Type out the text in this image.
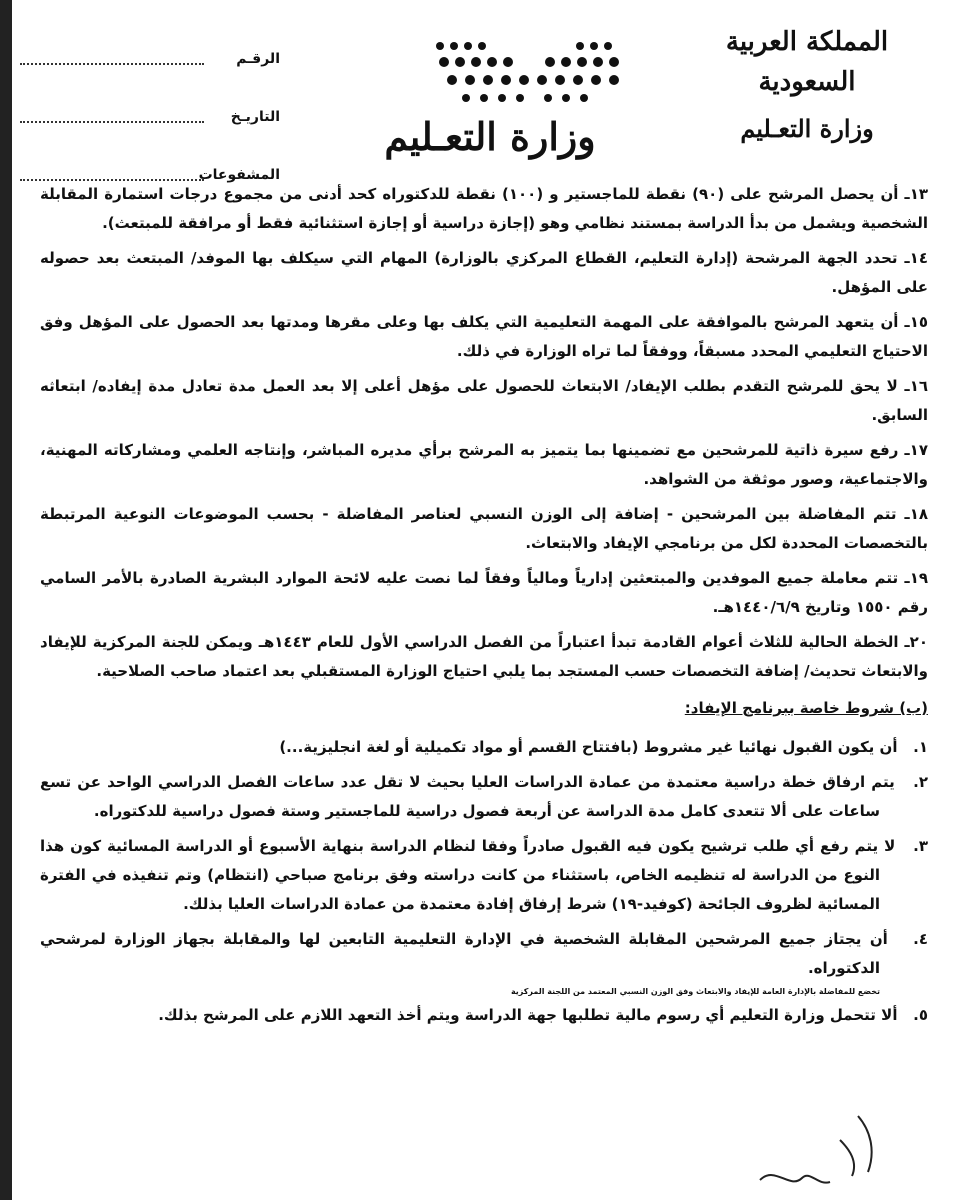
الرقـم
التاريـخ
المشفوعات
وزارة التعـليم
المملكة العربية السعودية
وزارة التعـليم
١٣ـ أن يحصل المرشح على (٩٠) نقطة للماجستير و (١٠٠) نقطة للدكتوراه كحد أدنى من مجموع درجات استمارة المقابلة الشخصية ويشمل من بدأ الدراسة بمستند نظامي وهو (إجازة دراسية أو إجازة استثنائية فقط أو مرافقة للمبتعث).
١٤ـ تحدد الجهة المرشحة (إدارة التعليم، القطاع المركزي بالوزارة) المهام التي سيكلف بها الموفد/ المبتعث بعد حصوله على المؤهل.
١٥ـ أن يتعهد المرشح بالموافقة على المهمة التعليمية التي يكلف بها وعلى مقرها ومدتها بعد الحصول على المؤهل وفق الاحتياج التعليمي المحدد مسبقاً، ووفقاً لما تراه الوزارة في ذلك.
١٦ـ لا يحق للمرشح التقدم بطلب الإيفاد/ الابتعاث للحصول على مؤهل أعلى إلا بعد العمل مدة تعادل مدة إيفاده/ ابتعاثه السابق.
١٧ـ رفع سيرة ذاتية للمرشحين مع تضمينها بما يتميز به المرشح برأي مديره المباشر، وإنتاجه العلمي ومشاركاته المهنية، والاجتماعية، وصور موثقة من الشواهد.
١٨ـ تتم المفاضلة بين المرشحين - إضافة إلى الوزن النسبي لعناصر المفاضلة - بحسب الموضوعات النوعية المرتبطة بالتخصصات المحددة لكل من برنامجي الإيفاد والابتعاث.
١٩ـ تتم معاملة جميع الموفدين والمبتعثين إدارياً ومالياً وفقاً لما نصت عليه لائحة الموارد البشرية الصادرة بالأمر السامي رقم ١٥٥٠ وتاريخ ١٤٤٠/٦/٩هـ.
٢٠ـ الخطة الحالية للثلاث أعوام القادمة تبدأ اعتباراً من الفصل الدراسي الأول للعام ١٤٤٣هـ ويمكن للجنة المركزية للإيفاد والابتعاث تحديث/ إضافة التخصصات حسب المستجد بما يلبي احتياج الوزارة المستقبلي بعد اعتماد صاحب الصلاحية.
(ب) شروط خاصة ببرنامج الإيفاد:
١.   أن يكون القبول نهائيا غير مشروط (بافتتاح القسم أو مواد تكميلية أو لغة انجليزية...)
٢.   يتم ارفاق خطة دراسية معتمدة من عمادة الدراسات العليا بحيث لا تقل عدد ساعات الفصل الدراسي الواحد عن تسع ساعات على ألا تتعدى كامل مدة الدراسة عن أربعة فصول دراسية للماجستير وستة فصول دراسية للدكتوراه.
٣.   لا يتم رفع أي طلب ترشيح يكون فيه القبول صادراً وفقا لنظام الدراسة بنهاية الأسبوع أو الدراسة المسائية كون هذا النوع من الدراسة له تنظيمه الخاص، باستثناء من كانت دراسته وفق برنامج صباحي (انتظام) وتم تنفيذه في الفترة المسائية لظروف الجائحة (كوفيد-١٩) شرط إرفاق إفادة معتمدة من عمادة الدراسات العليا بذلك.
٤.   أن يجتاز جميع المرشحين المقابلة الشخصية في الإدارة التعليمية التابعين لها والمقابلة بجهاز الوزارة لمرشحي الدكتوراه.
تخضع للمفاضلة بالإدارة العامة للإيفاد والابتعاث وفق الوزن النسبي المعتمد من اللجنة المركزية
٥.   ألا تتحمل وزارة التعليم أي رسوم مالية تطلبها جهة الدراسة ويتم أخذ التعهد اللازم على المرشح بذلك.
